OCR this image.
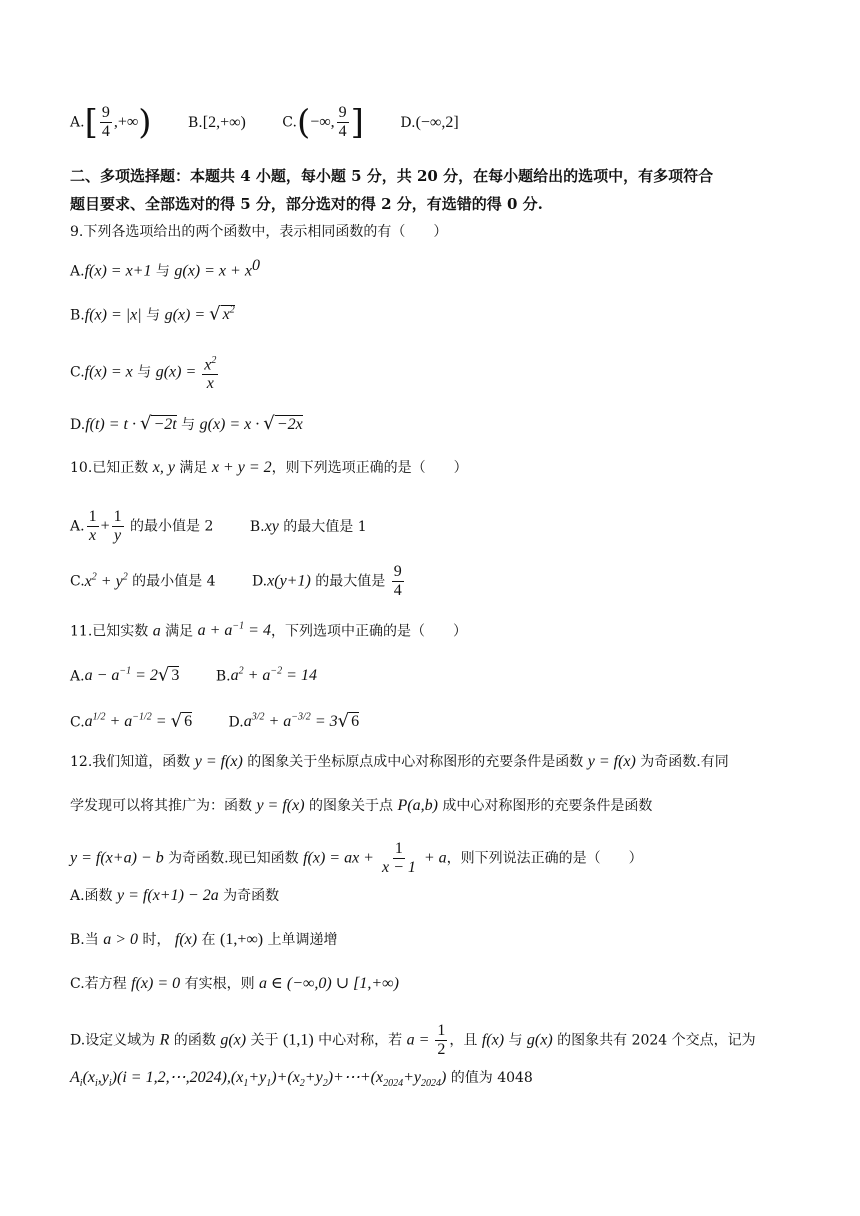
$A.[ \frac{9}{4}$ ,+∞)	B.[2,+∞)	C.(−∞, $\frac{9}{4}$ ]	D.(−∞,2]
二、多项选择题：本题共 4 小题，每小题 5 分，共 20 分，在每小题给出的选项中，有多项符合
题目要求、全部选对的得 5 分，部分选对的得 2 分，有选错的得 0 分.
9.下列各选项给出的两个函数中，表示相同函数的有（　　）
A.f(x) = x+1 与 $g(x) = x + x^0$
B.f(x) = |x| 与 g(x) = √ $x^2$
C.f(x) = x 与 $g(x) = \frac{x^2}{x}$
D.f(t) = t · √ −2t 与 g(x) = x · √ −2x
10.已知正数 x, y 满足 x + y = 2，则下列选项正确的是（　　）
A. $\frac{1}{x} + \frac{1}{y}$ 的最小值是 2	B.xy 的最大值是 1
$C.x^2 + y^2$ 的最小值是 4	D.x(y+1) 的最大值是 $\frac{9}{4}$
11.已知实数 a 满足 $a + a^{-1} = 4$，下列选项中正确的是（　　）
$A.a - a^{-1} = 2√$ 3	$B.a^2 + a^{-2} = 14$
$C.a^{1/2} + a^{-1/2}$ = √ 6	$D.a^{3/2} + a^{-3/2} = 3√$ 6
12.我们知道，函数 y = f(x) 的图象关于坐标原点成中心对称图形的充要条件是函数 y = f(x) 为奇函数.有同
学发现可以将其推广为：函数 y = f(x) 的图象关于点 P(a,b) 成中心对称图形的充要条件是函数
y = f(x+a) − b 为奇函数.现已知函数 f(x) = ax + $\frac{1}{x - 1} + a$，则下列说法正确的是（　　）
A.函数 y = f(x+1) − 2a 为奇函数
B.当 a > 0 时， f(x) 在 (1,+∞) 上单调递增
C.若方程 f(x) = 0 有实根，则 a ∈ (−∞,0) ∪ [1,+∞)
D.设定义域为 R 的函数 g(x) 关于 (1,1) 中心对称，若 $a = \frac{1}{2}$ ，且 f(x) 与 g(x) 的图象共有 2024 个交点，记为
$A_i(x_i,y_i)(i$ = $1,2,\cdots,2024),(x_1+y_1)+(x_2+y_2)+\cdots+(x_{2024}+y_{2024})$ 的值为 4048
